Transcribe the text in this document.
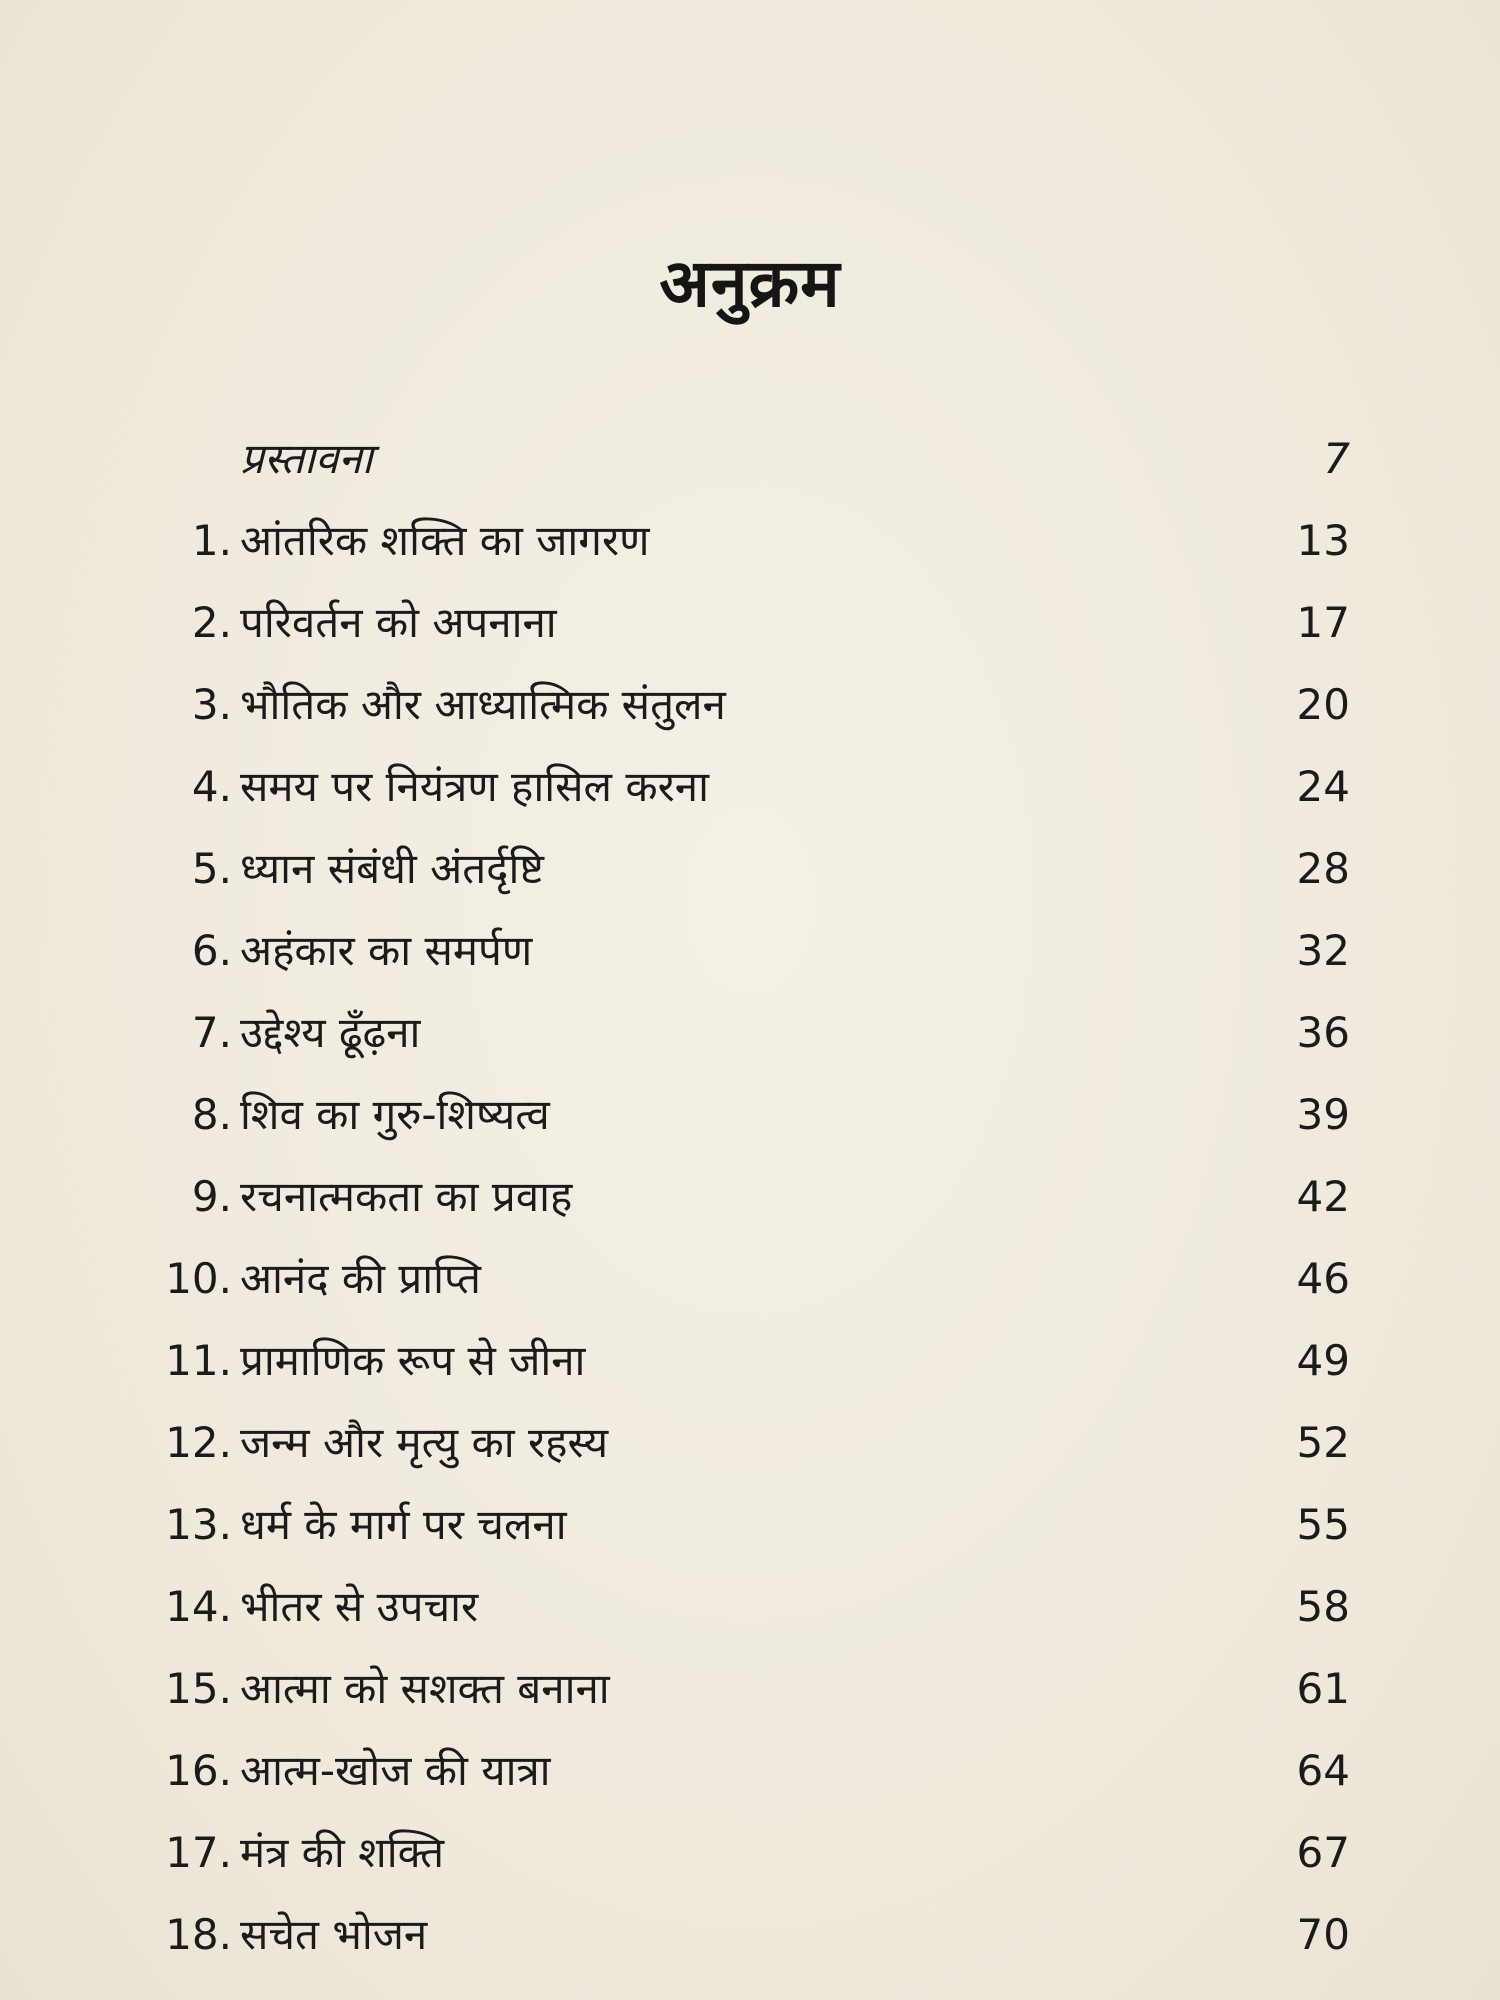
अनुक्रम
प्रस्तावना	7
1. आंतरिक शक्ति का जागरण	13
2. परिवर्तन को अपनाना	17
3. भौतिक और आध्यात्मिक संतुलन	20
4. समय पर नियंत्रण हासिल करना	24
5. ध्यान संबंधी अंतर्दृष्टि	28
6. अहंकार का समर्पण	32
7. उद्देश्य ढूँढ़ना	36
8. शिव का गुरु-शिष्यत्व	39
9. रचनात्मकता का प्रवाह	42
10. आनंद की प्राप्ति	46
11. प्रामाणिक रूप से जीना	49
12. जन्म और मृत्यु का रहस्य	52
13. धर्म के मार्ग पर चलना	55
14. भीतर से उपचार	58
15. आत्मा को सशक्त बनाना	61
16. आत्म-खोज की यात्रा	64
17. मंत्र की शक्ति	67
18. सचेत भोजन	70
